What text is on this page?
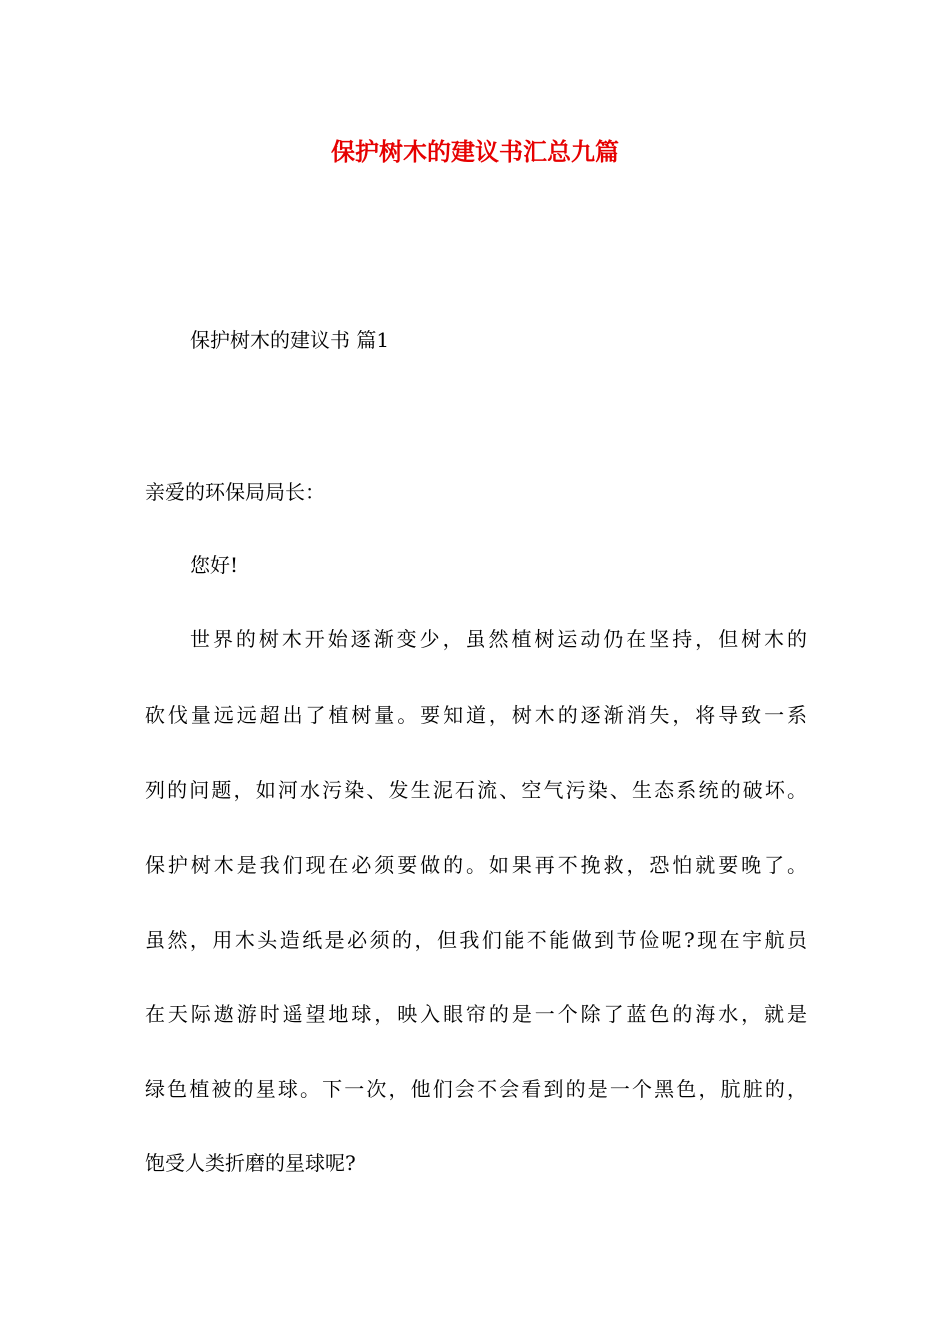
保护树木的建议书汇总九篇

保护树木的建议书 篇1

亲爱的环保局局长：

您好!

世界的树木开始逐渐变少，虽然植树运动仍在坚持，但树木的

砍伐量远远超出了植树量。要知道，树木的逐渐消失，将导致一系

列的问题，如河水污染、发生泥石流、空气污染、生态系统的破坏。

保护树木是我们现在必须要做的。如果再不挽救，恐怕就要晚了。

虽然，用木头造纸是必须的，但我们能不能做到节俭呢?现在宇航员

在天际遨游时遥望地球，映入眼帘的是一个除了蓝色的海水，就是

绿色植被的星球。下一次，他们会不会看到的是一个黑色，肮脏的，

饱受人类折磨的星球呢?
